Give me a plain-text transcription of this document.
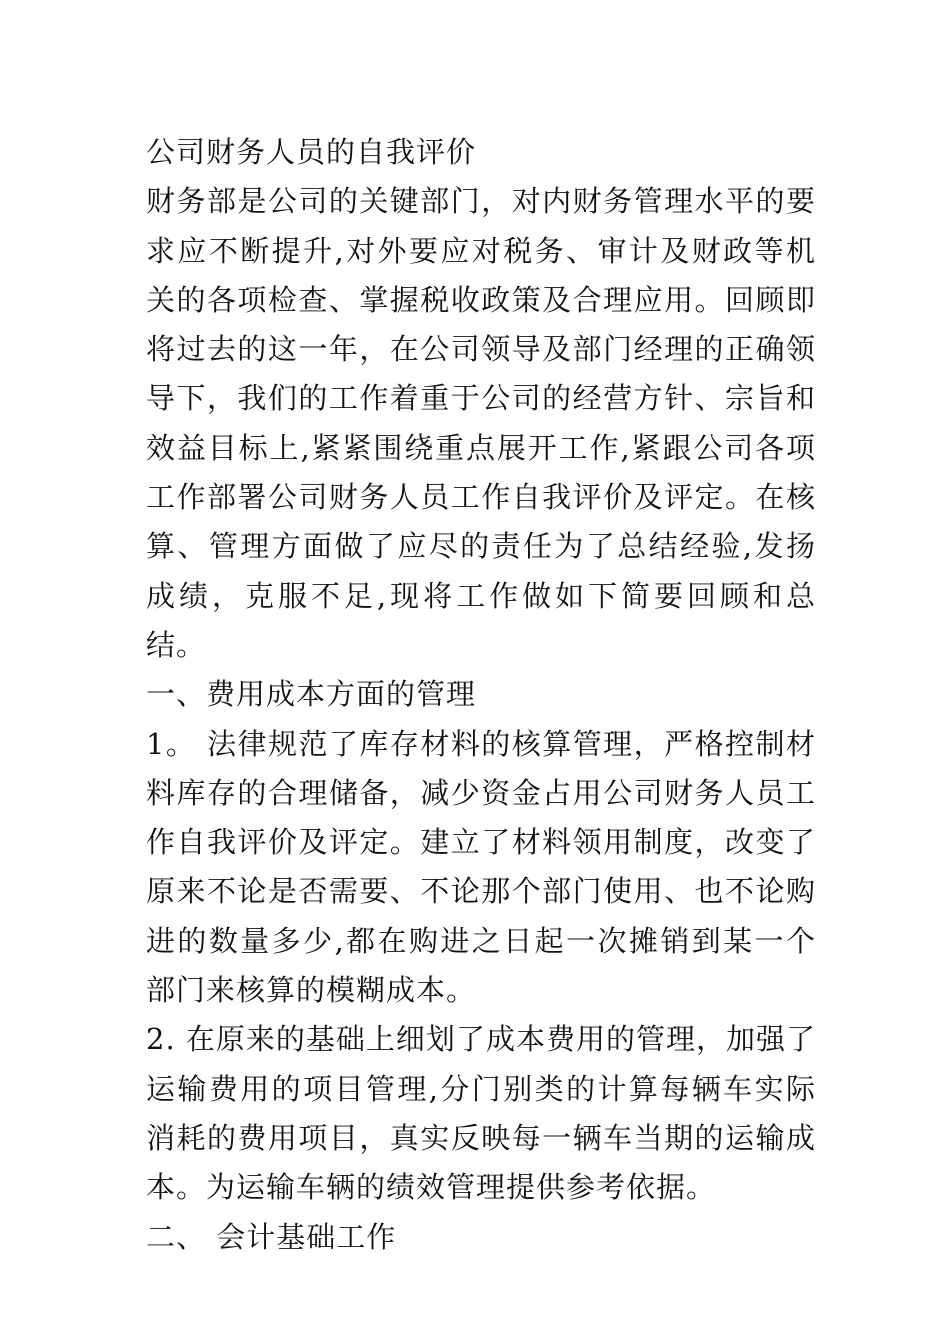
公司财务人员的自我评价

财务部是公司的关键部门，对内财务管理水平的要求应不断提升,对外要应对税务、审计及财政等机关的各项检查、掌握税收政策及合理应用。回顾即将过去的这一年，在公司领导及部门经理的正确领导下，我们的工作着重于公司的经营方针、宗旨和效益目标上,紧紧围绕重点展开工作,紧跟公司各项工作部署公司财务人员工作自我评价及评定。在核算、管理方面做了应尽的责任为了总结经验,发扬成绩，克服不足,现将工作做如下简要回顾和总结。

一、费用成本方面的管理

1。 法律规范了库存材料的核算管理，严格控制材料库存的合理储备，减少资金占用公司财务人员工作自我评价及评定。建立了材料领用制度，改变了原来不论是否需要、不论那个部门使用、也不论购进的数量多少,都在购进之日起一次摊销到某一个部门来核算的模糊成本。

2. 在原来的基础上细划了成本费用的管理，加强了运输费用的项目管理,分门别类的计算每辆车实际消耗的费用项目，真实反映每一辆车当期的运输成本。为运输车辆的绩效管理提供参考依据。

二、 会计基础工作
